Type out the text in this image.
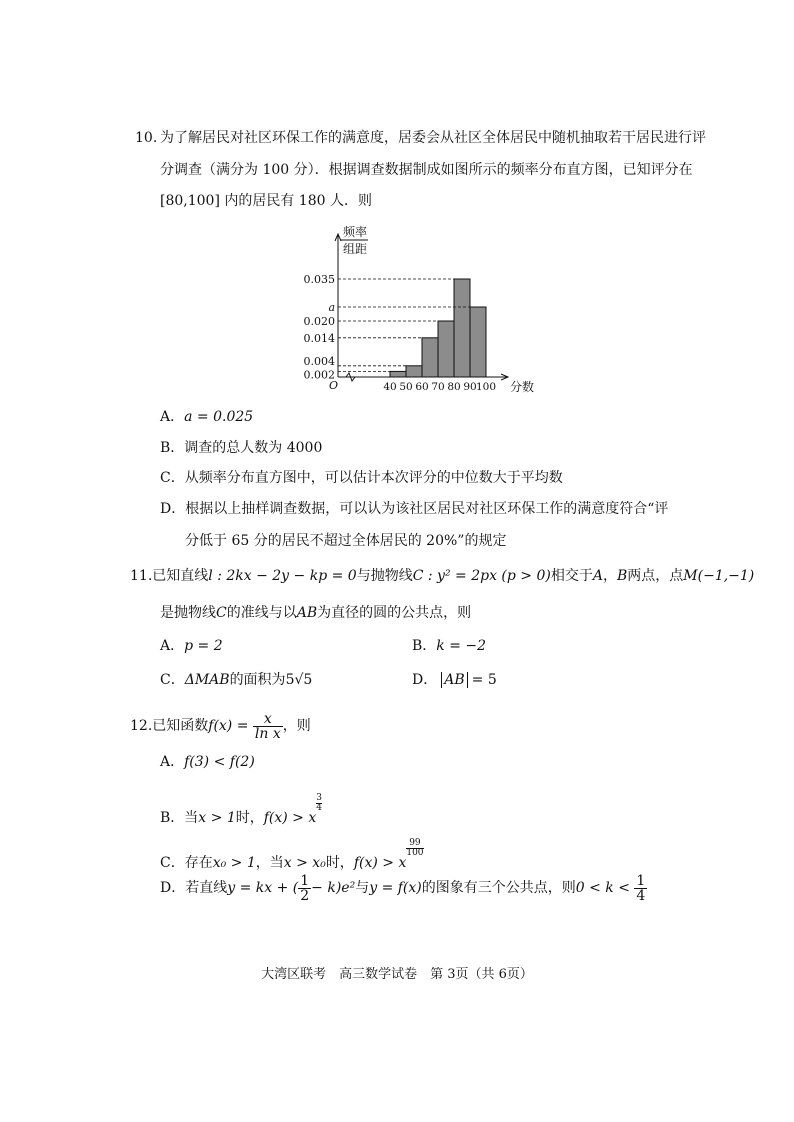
10. 为了解居民对社区环保工作的满意度，居委会从社区全体居民中随机抽取若干居民进行评
分调查（满分为 100 分）．根据调查数据制成如图所示的频率分布直方图，已知评分在
[80,100] 内的居民有 180 人．则
频率
组距
O
0.002
0.004
0.014
0.020
a
0.035
40 50 60 70 80 90 100 分数
A．a = 0.025
B．调查的总人数为 4000
C．从频率分布直方图中，可以估计本次评分的中位数大于平均数
D．根据以上抽样调查数据，可以认为该社区居民对社区环保工作的满意度符合“评
分低于 65 分的居民不超过全体居民的 20%”的规定
11.已知直线l : 2kx − 2y − kp = 0与抛物线C : y² = 2px (p > 0)相交于A，B两点，点M(−1,−1)
是抛物线C的准线与以AB为直径的圆的公共点，则
A．p = 2	B．k = −2
C．ΔMAB的面积为5√5	D． AB = 5
12.已知函数$f(x) = \frac{x}{\text{ln x}}$ ，则
A．f(3) < f(2)
B．当x > 1时，f(x) > x
$^{\frac{3}{4}}$
C．存在x₀ > 1，当x > x₀时，f(x) > x
$^{\frac{99}{100}}$
D．若直线y = kx + ( $\frac{1}{2} - k)e^2$与y = f(x)的图象有三个公共点，则$0 < k < \frac{1}{4}$
大湾区联考　高三数学试卷　第 3页（共 6页）
